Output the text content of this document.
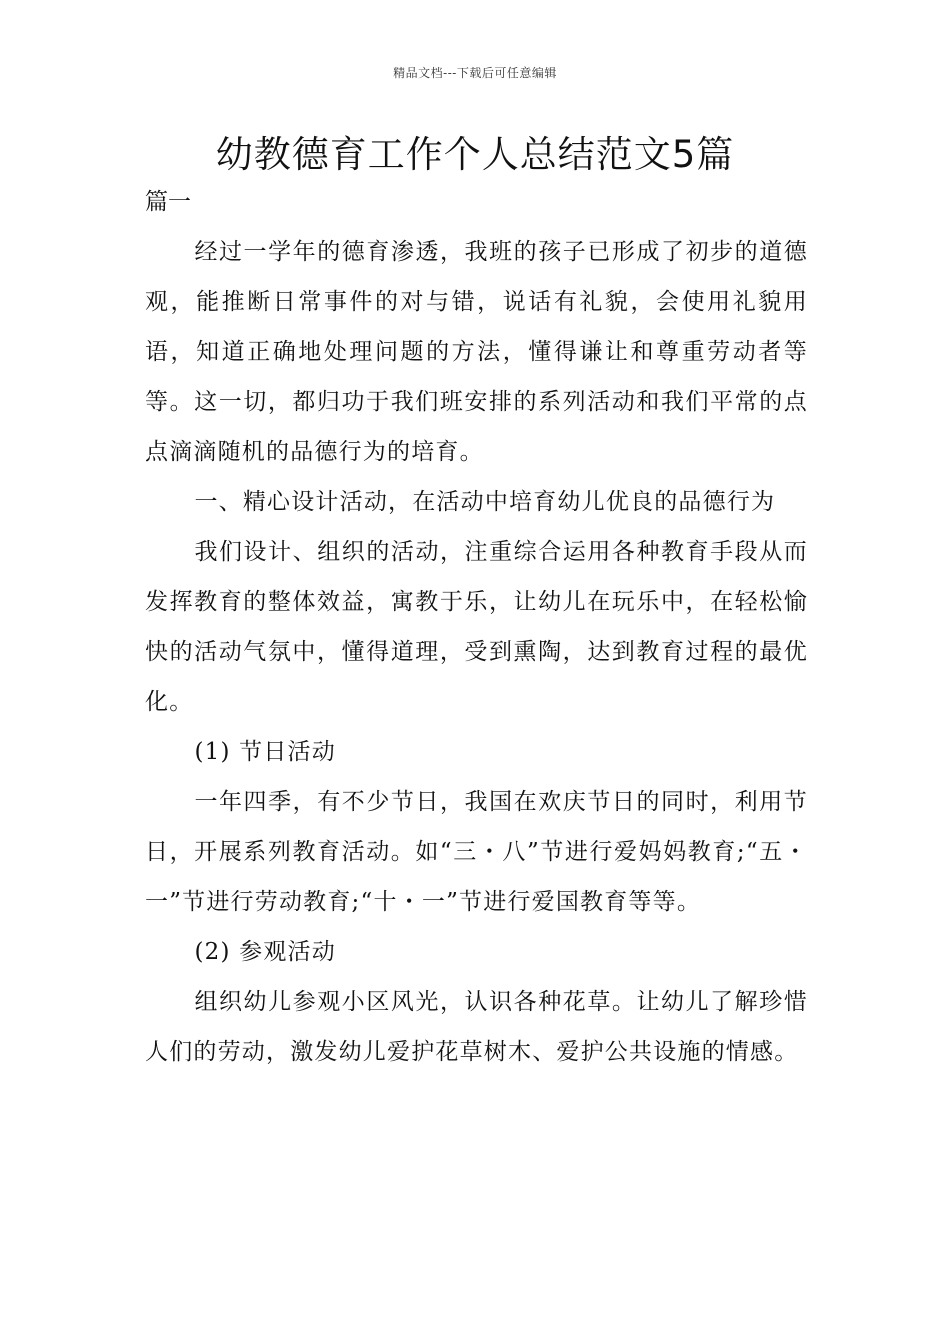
精品文档---下载后可任意编辑
幼教德育工作个人总结范文5篇
篇一

经过一学年的德育渗透，我班的孩子已形成了初步的道德观，能推断日常事件的对与错，说话有礼貌，会使用礼貌用语，知道正确地处理问题的方法，懂得谦让和尊重劳动者等等。这一切，都归功于我们班安排的系列活动和我们平常的点点滴滴随机的品德行为的培育。

一、精心设计活动，在活动中培育幼儿优良的品德行为

我们设计、组织的活动，注重综合运用各种教育手段从而发挥教育的整体效益，寓教于乐，让幼儿在玩乐中，在轻松愉快的活动气氛中，懂得道理，受到熏陶，达到教育过程的最优化。

(1) 节日活动

一年四季，有不少节日，我国在欢庆节日的同时，利用节日，开展系列教育活动。如“三・八”节进行爱妈妈教育;“五・一”节进行劳动教育;“十・一”节进行爱国教育等等。

(2) 参观活动

组织幼儿参观小区风光，认识各种花草。让幼儿了解珍惜人们的劳动，激发幼儿爱护花草树木、爱护公共设施的情感。
